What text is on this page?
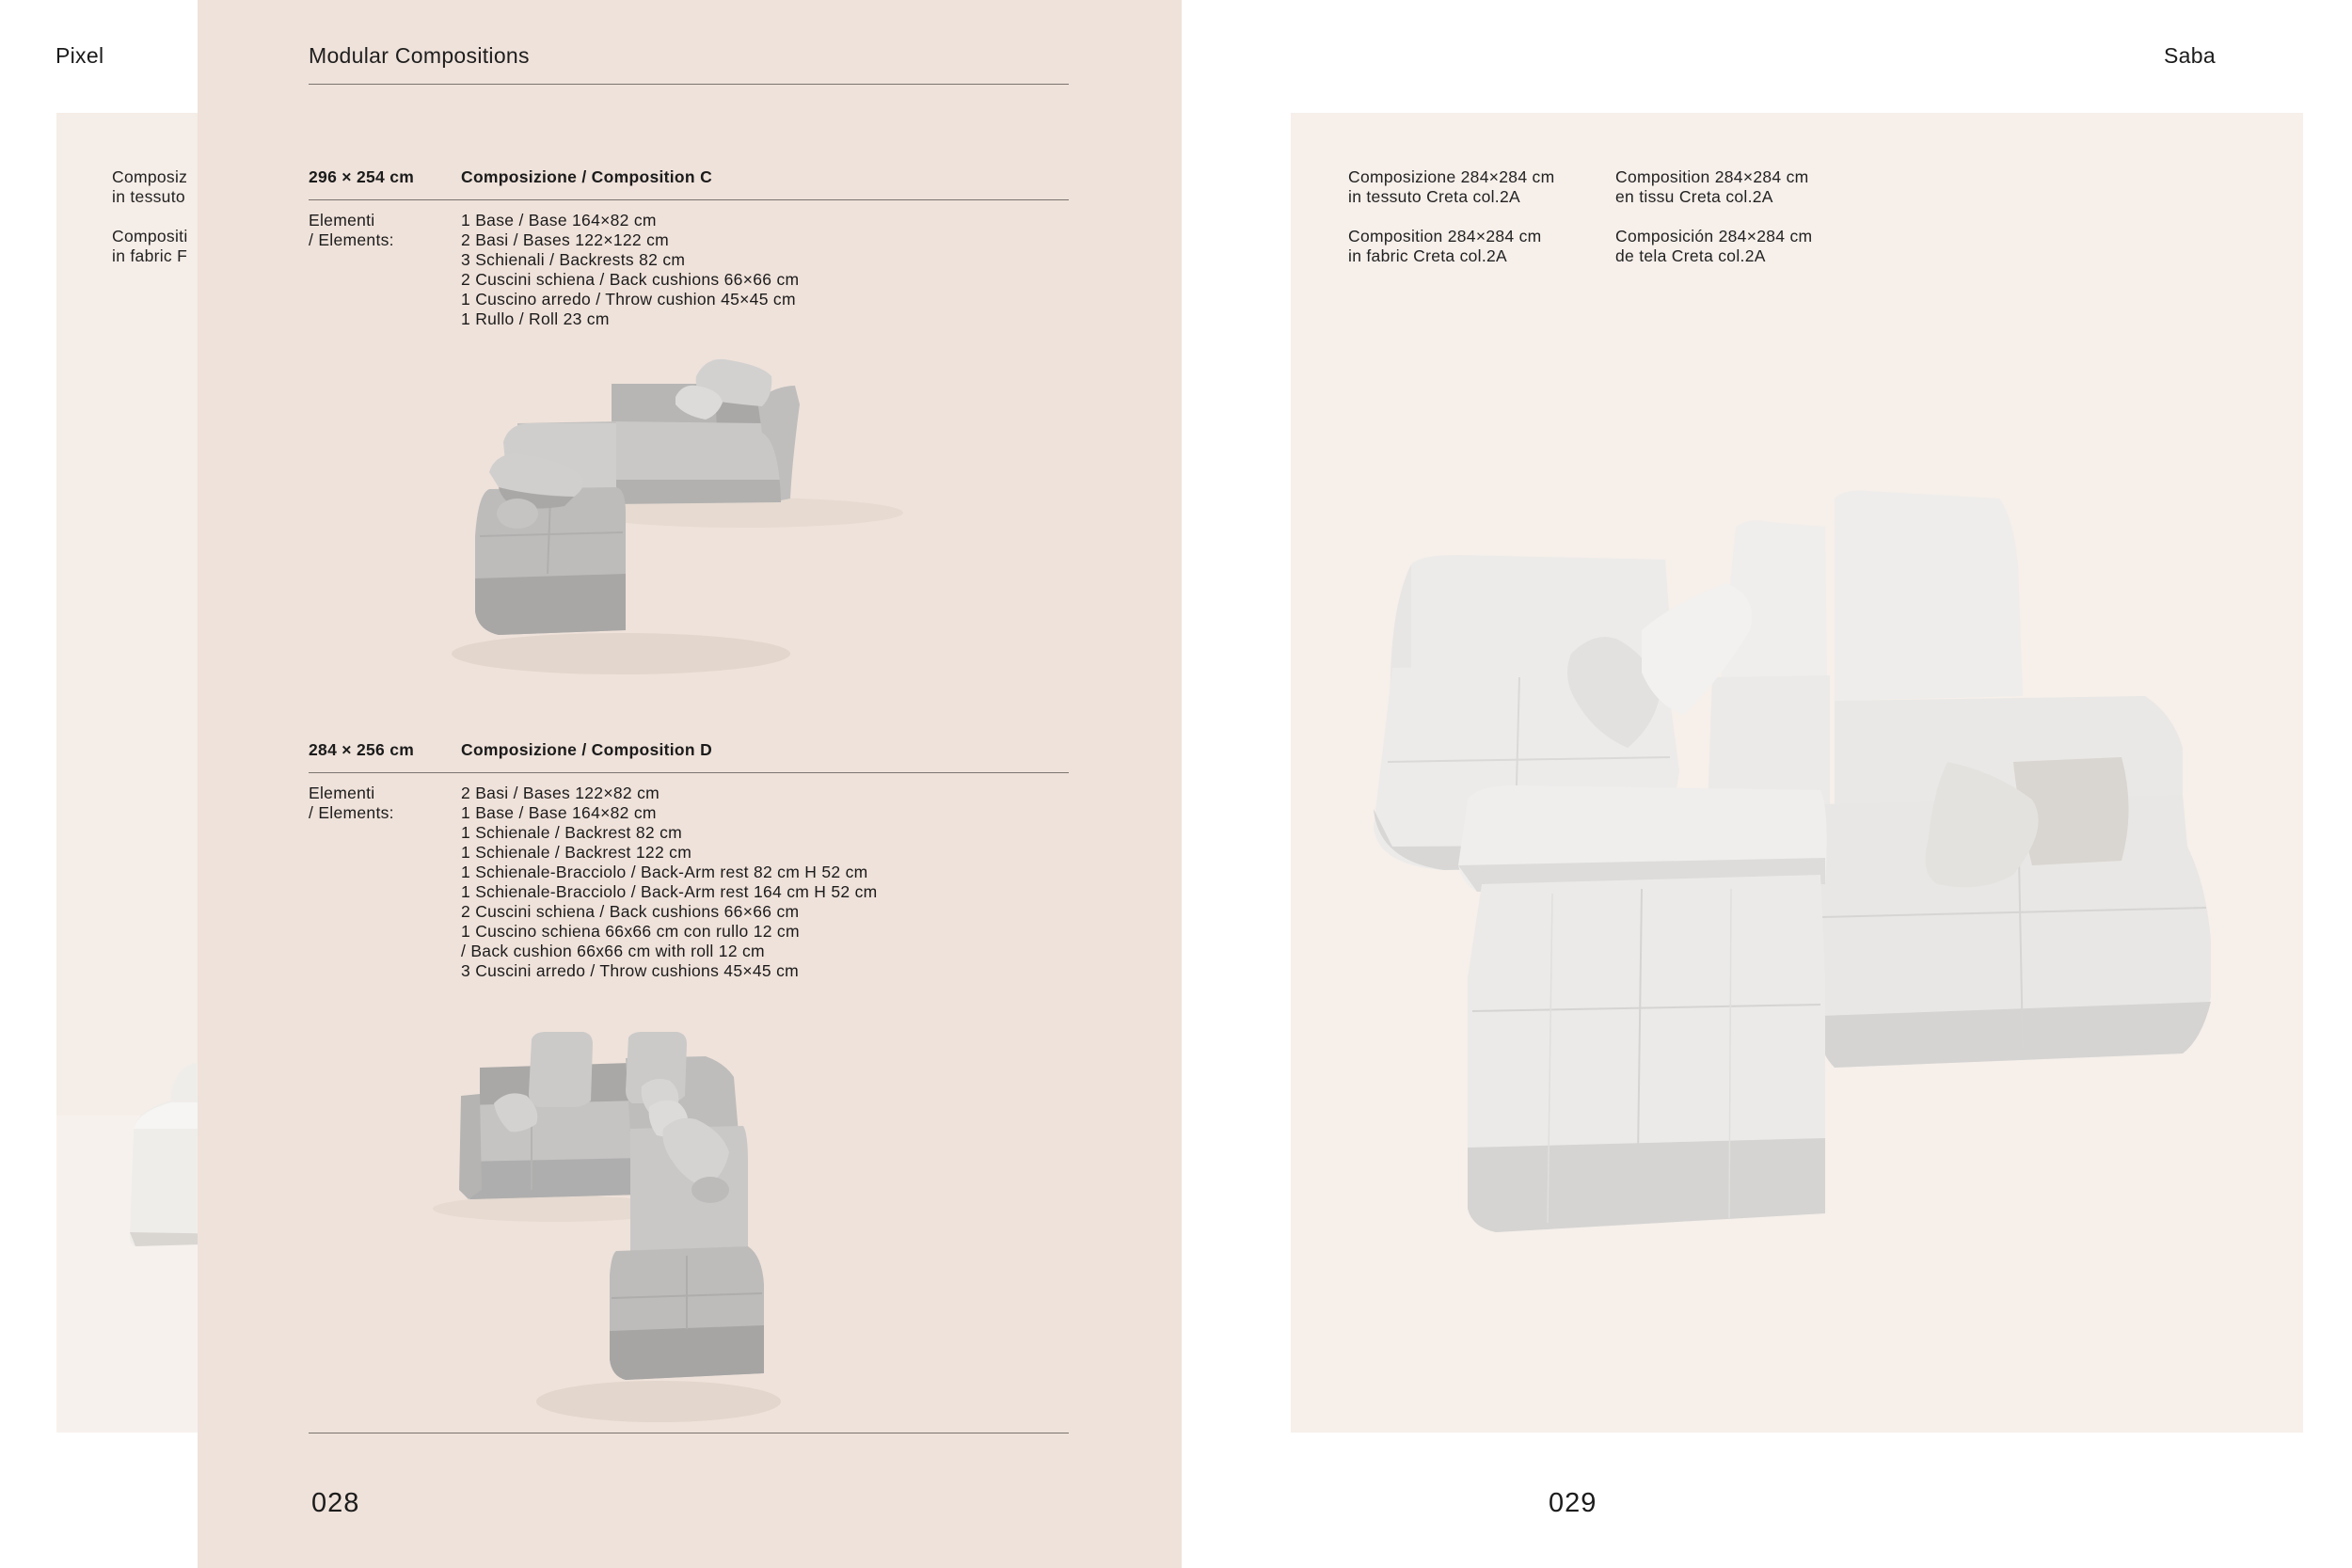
Pixel
Composiz
in tessuto
Compositi
in fabric F
Modular Compositions
296 × 254 cm	Composizione / Composition C
Elementi
/ Elements:
1 Base / Base 164×82 cm
2 Basi / Bases 122×122 cm
3 Schienali / Backrests 82 cm
2 Cuscini schiena / Back cushions 66×66 cm
1 Cuscino arredo / Throw cushion 45×45 cm
1 Rullo / Roll 23 cm
284 × 256 cm	Composizione / Composition D
Elementi
/ Elements:
2 Basi / Bases 122×82 cm
1 Base / Base 164×82 cm
1 Schienale / Backrest 82 cm
1 Schienale / Backrest 122 cm
1 Schienale-Bracciolo / Back-Arm rest 82 cm H 52 cm
1 Schienale-Bracciolo / Back-Arm rest 164 cm H 52 cm
2 Cuscini schiena / Back cushions 66×66 cm
1 Cuscino schiena 66x66 cm con rullo 12 cm
/ Back cushion 66x66 cm with roll 12 cm
3 Cuscini arredo / Throw cushions 45×45 cm
028
Saba
Composizione 284×284 cm
in tessuto Creta col.2A
Composition 284×284 cm
en tissu Creta col.2A
Composition 284×284 cm
in fabric Creta col.2A
Composición 284×284 cm
de tela Creta col.2A
029
